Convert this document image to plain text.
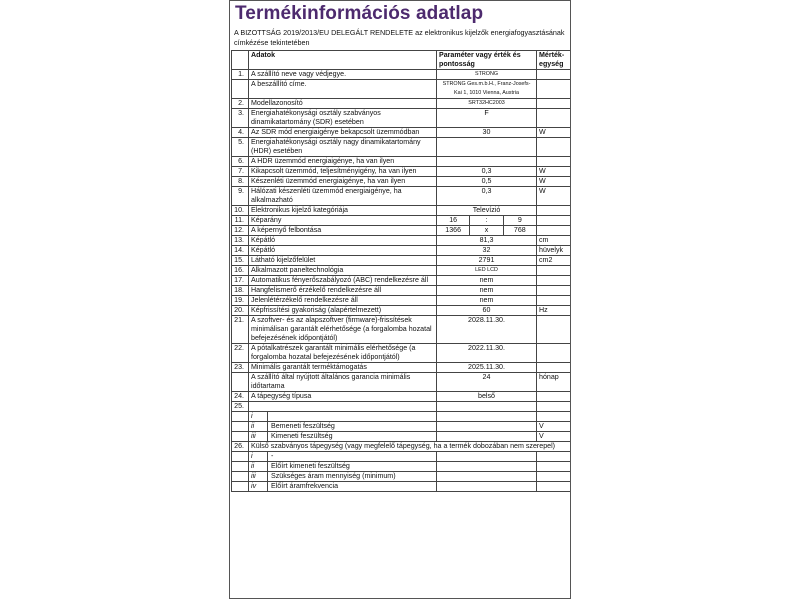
Termékinformációs adatlap
A BIZOTTSÁG 2019/2013/EU DELEGÁLT RENDELETE az elektronikus kijelzők energiafogyasztásának címkézése tekintetében
	Adatok	Paraméter vagy érték és pontosság	Mérték-egység
1.	A szállító neve vagy védjegye.	STRONG	
	A beszállító címe.	STRONG Ges.m.b.H., Franz-Josefs-Kai 1, 1010 Vienna, Austria	
2.	Modellazonosító	SRT32HC2003	
3.	Energiahatékonysági osztály szabványos dinamikatartomány (SDR) esetében	F	
4.	Az SDR mód energiaigénye bekapcsolt üzemmódban	30	W
5.	Energiahatékonysági osztály nagy dinamikatartomány (HDR) esetében		
6.	A HDR üzemmód energiaigénye, ha van ilyen		
7.	Kikapcsolt üzemmód, teljesítményigény, ha van ilyen	0,3	W
8.	Készenléti üzemmód energiaigénye, ha van ilyen	0,5	W
9.	Hálózati készenléti üzemmód energiaigénye, ha alkalmazható	0,3	W
10.	Elektronikus kijelző kategóriája	Televízió	
11.	Képarány	16 : 9	

12.	A képernyő felbontása	1366 x 768	

13.	Képátló	81,3	cm
14.	Képátló	32	hüvelyk
15.	Látható kijelzőfelület	2791	cm2
16.	Alkalmazott paneltechnológia	LED LCD	
17.	Automatikus fényerőszabályozó (ABC) rendelkezésre áll	nem	
18.	Hangfelismerő érzékelő rendelkezésre áll	nem	
19.	Jelenlétérzékelő rendelkezésre áll	nem	
20.	Képfrissítési gyakoriság (alapértelmezett)	60	Hz
21.	A szoftver- és az alapszoftver (firmware)-frissítések minimálisan garantált elérhetősége (a forgalomba hozatal befejezésének időpontjától)	2028.11.30.	
22.	A pótalkatrészek garantált minimális elérhetősége (a forgalomba hozatal befejezésének időpontjától)	2022.11.30.	
23.	Minimális garantált terméktámogatás	2025.11.30.	
	A szállító által nyújtott általános garancia minimális időtartama	24	hónap
24.	A tápegység típusa	belső	
25.			

	i		

	ii Bemeneti feszültség		V

	iii Kimeneti feszültség		V
26.	Külső szabványos tápegység (vagy megfelelő tápegység, ha a termék dobozában nem szerepel)		

	i -		

	ii Előírt kimeneti feszültség		

	iii Szükséges áram mennyiség (minimum)		

	iv Előírt áramfrekvencia		
